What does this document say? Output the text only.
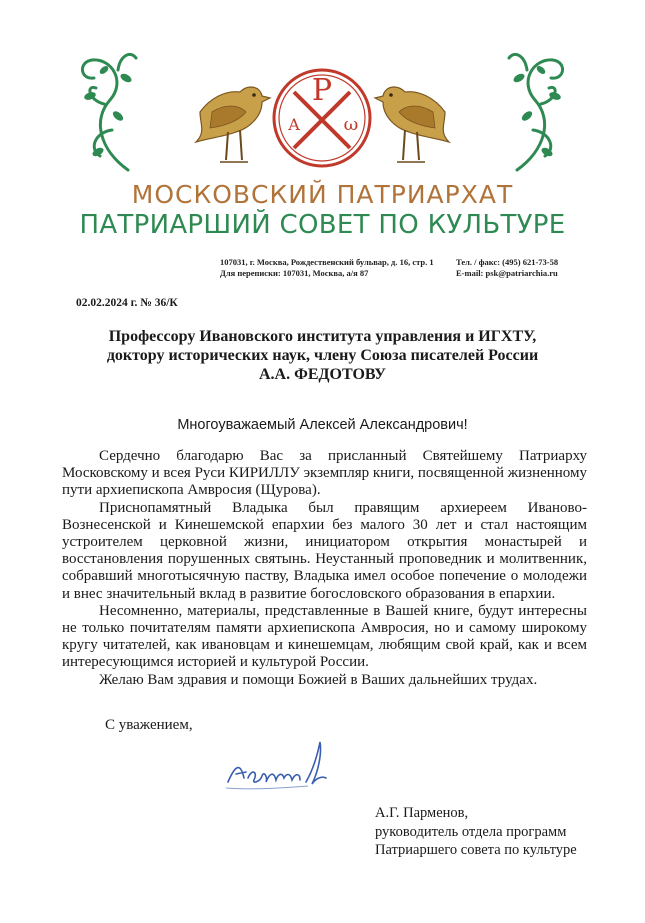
Р
А ω
МОСКОВСКИЙ ПАТРИАРХАТ
ПАТРИАРШИЙ СОВЕТ ПО КУЛЬТУРЕ
107031, г. Москва, Рождественский бульвар, д. 16, стр. 1
Для переписки: 107031, Москва, а/я 87
Тел. / факс: (495) 621-73-58
E-mail: psk@patriarchia.ru
02.02.2024 г. № 36/К
Профессору Ивановского института управления и ИГХТУ,
доктору исторических наук, члену Союза писателей России
А.А. ФЕДОТОВУ
Многоуважаемый Алексей Александрович!

Сердечно благодарю Вас за присланный Святейшему Патриарху Московскому и всея Руси КИРИЛЛУ экземпляр книги, посвященной жизненному пути архиепископа Амвросия (Щурова).

Приснопамятный Владыка был правящим архиереем Иваново-Вознесенской и Кинешемской епархии без малого 30 лет и стал настоящим устроителем церковной жизни, инициатором открытия монастырей и восстановления порушенных святынь. Неустанный проповедник и молитвенник, собравший многотысячную паству, Владыка имел особое попечение о молодежи и внес значительный вклад в развитие богословского образования в епархии.

Несомненно, материалы, представленные в Вашей книге, будут интересны не только почитателям памяти архиепископа Амвросия, но и самому широкому кругу читателей, как ивановцам и кинешемцам, любящим свой край, как и всем интересующимся историей и культурой России.

Желаю Вам здравия и помощи Божией в Ваших дальнейших трудах.

С уважением,
А.Г. Парменов,
руководитель отдела программ
Патриаршего совета по культуре
